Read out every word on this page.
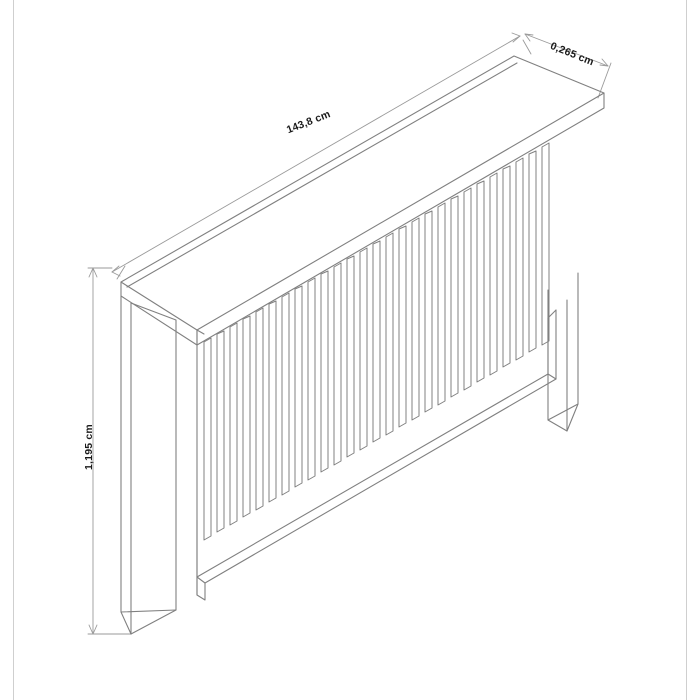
143,8 cm
0,265 cm
1,195 cm
